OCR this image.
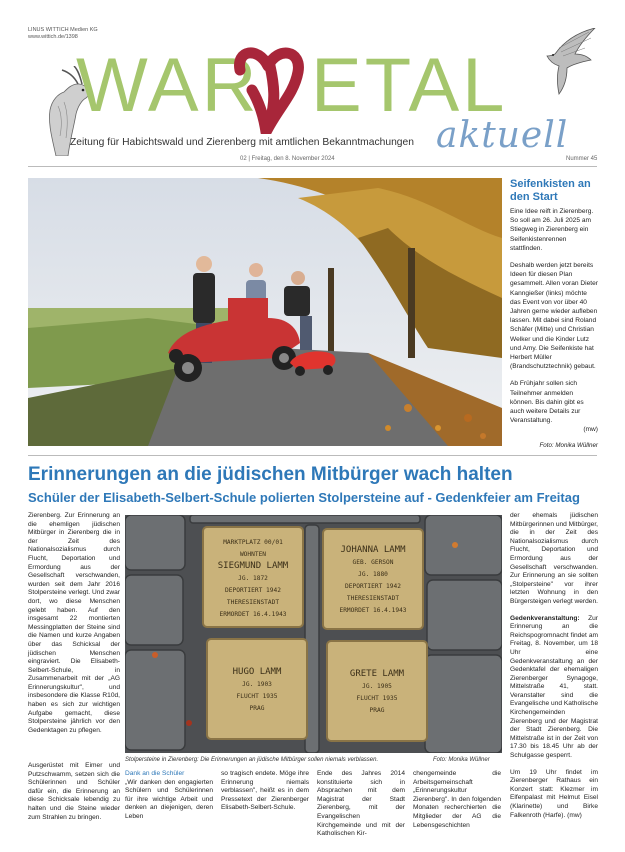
LINUS WITTICH Medien KG
www.wittich.de/1398
WAR ETAL
aktuell
Zeitung für Habichtswald und Zierenberg mit amtlichen Bekanntmachungen
02 | Freitag, den 8. November 2024	Nummer 45
Seifenkisten an den Start

Eine Idee reift in Zierenberg. So soll am 26. Juli 2025 am Stiegweg in Zierenberg ein Seifenkistenrennen stattfinden.

Deshalb werden jetzt bereits Ideen für diesen Plan gesammelt. Allen voran Dieter Kanngießer (links) möchte das Event von vor über 40 Jahren gerne wieder aufleben lassen. Mit dabei sind Roland Schäfer (Mitte) und Christian Welker und die Kinder Lutz und Amy. Die Seifenkiste hat Herbert Müller (Brandschutztechnik) gebaut.

Ab Frühjahr sollen sich Teilnehmer anmelden können. Bis dahin gibt es auch weitere Details zur Veranstaltung.

(mw)
Foto: Monika Wüllner
Erinnerungen an die jüdischen Mitbürger wach halten
Schüler der Elisabeth-Selbert-Schule polierten Stolpersteine auf - Gedenkfeier am Freitag
Zierenberg. Zur Erinnerung an die ehemligen jüdischen Mitbürger in Zierenberg die in der Zeit des Nationalsozialismus durch Flucht, Deportation und Ermordung aus der Gesellschaft verschwanden, wurden seit dem Jahr 2016 Stolpersteine verlegt. Und zwar dort, wo diese Menschen gelebt haben. Auf den insgesamt 22 montierten Messingplatten der Steine sind die Namen und kurze Angaben über das Schicksal der jüdischen Menschen eingraviert. Die Elisabeth-Selbert-Schule, in Zusammenarbeit mit der „AG Erinnerungskultur", und insbesondere die Klasse R10d, haben es sich zur wichtigen Aufgabe gemacht, diese Stolpersteine jährlich vor den Gedenktagen zu pflegen.
Ausgerüstet mit Eimer und Putzschwamm, setzen sich die Schülerinnen und Schüler dafür ein, die Erinnerung an diese Schicksale lebendig zu halten und die Steine wieder zum Strahlen zu bringen.
MARKTPLATZ 00/01
WOHNTEN
SIEGMUND LAMM
JG. 1872
DEPORTIERT 1942
THERESIENSTADT
ERMORDET 16.4.1943
JOHANNA LAMM
GEB. GERSON
JG. 1880
DEPORTIERT 1942
THERESIENSTADT
ERMORDET 16.4.1943
HUGO LAMM
JG. 1903
FLUCHT 1935
PRAG
GRETE LAMM
JG. 1905
FLUCHT 1935
PRAG
Stolpersteine in Zierenberg: Die Erinnerungen an jüdische Mitbürger sollen niemals verblassen.	Foto: Monika Wüllner
Dank an die Schüler
„Wir danken den engagierten Schülern und Schülerinnen für ihre wichtige Arbeit und denken an diejenigen, deren Leben
so tragisch endete. Möge ihre Erinnerung niemals verblassen", heißt es in dem Pressetext der Zierenberger Elisabeth-Selbert-Schule.
Ende des Jahres 2014 konstituierte sich in Absprachen mit dem Magistrat der Stadt Zierenberg, mit der Evangelischen Kirchgemeinde und mit der Katholischen Kir-
chengemeinde die Arbeitsgemeinschaft „Erinnerungskultur Zierenberg". In den folgenden Monaten recherchierten die Mitglieder der AG die Lebensgeschichten

der ehemals jüdischen Mitbürgerinnen und Mitbürger, die in der Zeit des Nationalsozialismus durch Flucht, Deportation und Ermordung aus der Gesellschaft verschwanden. Zur Erinnerung an sie sollten „Stolpersteine" vor ihrer letzten Wohnung in den Bürgersteigen verlegt werden.

Gedenkveranstaltung: Zur Erinnerung an die Reichspogromnacht findet am Freitag, 8. November, um 18 Uhr eine Gedenkveranstaltung an der Gedenktafel der ehemaligen Zierenberger Synagoge, Mittelstraße 41, statt. Veranstalter sind die Evangelische und Katholische Kirchengemeinden Zierenberg und der Magistrat der Stadt Zierenberg. Die Mittelstraße ist in der Zeit von 17.30 bis 18.45 Uhr ab der Schulgasse gesperrt.

Um 19 Uhr findet im Zierenberger Rathaus ein Konzert statt: Klezmer im Elfenpalast mit Helmut Eisel (Klarinette) und Birke Falkenroth (Harfe). (mw)
